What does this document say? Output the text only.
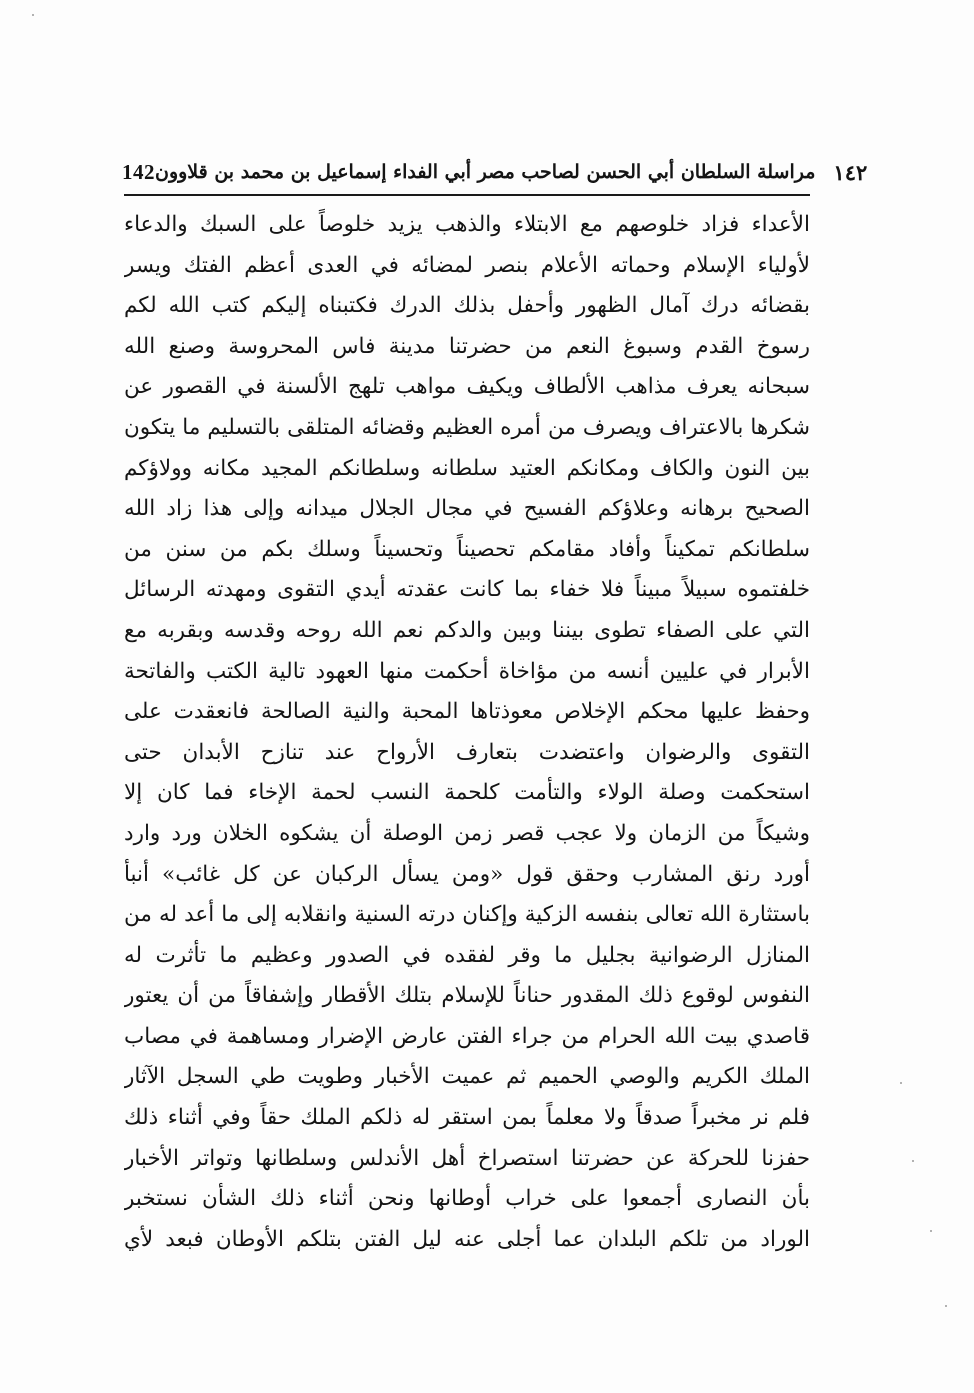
142	١٤٢
مراسلة السلطان أبي الحسن لصاحب مصر أبي الفداء إسماعيل بن محمد بن قلاوون
الأعداء فزاد خلوصهم مع الابتلاء والذهب يزيد خلوصاً على السبك والدعاء
لأولياء الإسلام وحماته الأعلام بنصر لمضائه في العدى أعظم الفتك ويسر
بقضائه درك آمال الظهور وأحفل بذلك الدرك فكتبناه إليكم كتب الله لكم
رسوخ القدم وسبوغ النعم من حضرتنا مدينة فاس المحروسة وصنع الله
سبحانه يعرف مذاهب الألطاف ويكيف مواهب تلهج الألسنة في القصور عن
شكرها بالاعتراف ويصرف من أمره العظيم وقضائه المتلقى بالتسليم ما يتكون
بين النون والكاف ومكانكم العتيد سلطانه وسلطانكم المجيد مكانه وولاؤكم
الصحيح برهانه وعلاؤكم الفسيح في مجال الجلال ميدانه وإلى هذا زاد الله
سلطانكم تمكيناً وأفاد مقامكم تحصيناً وتحسيناً وسلك بكم من سنن من
خلفتموه سبيلاً مبيناً فلا خفاء بما كانت عقدته أيدي التقوى ومهدته الرسائل
التي على الصفاء تطوى بيننا وبين والدكم نعم الله روحه وقدسه وبقربه مع
الأبرار في عليين أنسه من مؤاخاة أحكمت منها العهود تالية الكتب والفاتحة
وحفظ عليها محكم الإخلاص معوذتاها المحبة والنية الصالحة فانعقدت على
التقوى والرضوان واعتضدت بتعارف الأرواح عند تنازح الأبدان حتى
استحكمت وصلة الولاء والتأمت كلحمة النسب لحمة الإخاء فما كان إلا
وشيكاً من الزمان ولا عجب قصر زمن الوصلة أن يشكوه الخلان ورد وارد
أورد رنق المشارب وحقق قول «ومن يسأل الركبان عن كل غائب» أنبأ
باستثارة الله تعالى بنفسه الزكية وإكنان درته السنية وانقلابه إلى ما أعد له من
المنازل الرضوانية بجليل ما وقر لفقده في الصدور وعظيم ما تأثرت له
النفوس لوقوع ذلك المقدور حناناً للإسلام بتلك الأقطار وإشفاقاً من أن يعتور
قاصدي بيت الله الحرام من جراء الفتن عارض الإضرار ومساهمة في مصاب
الملك الكريم والوصي الحميم ثم عميت الأخبار وطويت طي السجل الآثار
فلم نر مخبراً صدقاً ولا معلماً بمن استقر له ذلكم الملك حقاً وفي أثناء ذلك
حفزنا للحركة عن حضرتنا استصراخ أهل الأندلس وسلطانها وتواتر الأخبار
بأن النصارى أجمعوا على خراب أوطانها ونحن أثناء ذلك الشأن نستخبر
الوراد من تلكم البلدان عما أجلى عنه ليل الفتن بتلكم الأوطان فبعد لأي
